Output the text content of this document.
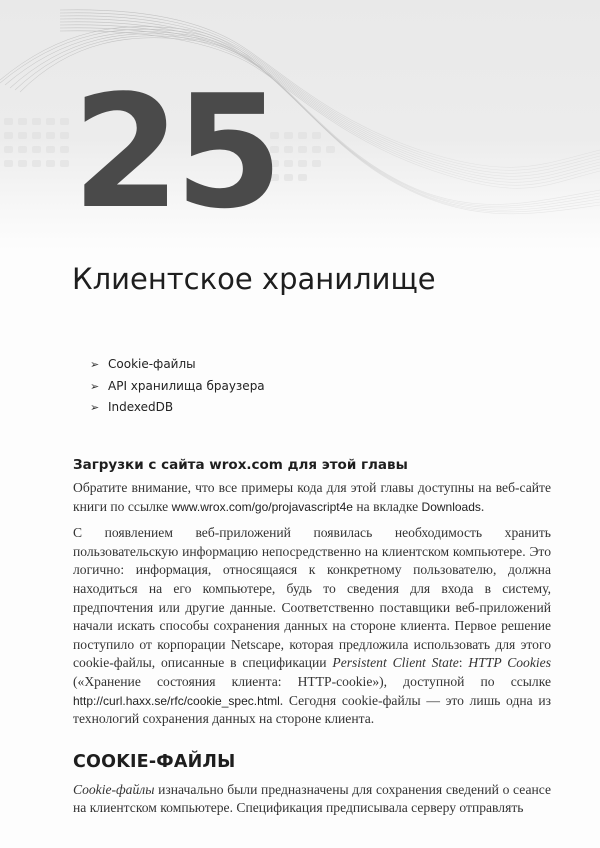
25
Клиентское хранилище
➢ Cookie-файлы
➢ API хранилища браузера
➢ IndexedDB
Загрузки с сайта wrox.com для этой главы

Обратите внимание, что все примеры кода для этой главы доступны на веб-сайте книги по ссылке www.wrox.com/go/projavascript4e на вкладке Downloads.

С появлением веб-приложений появилась необходимость хранить пользовательскую информацию непосредственно на клиентском компьютере. Это логично: информация, относящаяся к конкретному пользователю, должна находиться на его компьютере, будь то сведения для входа в систему, предпочтения или другие данные. Соответственно поставщики веб-приложений начали искать способы сохранения данных на стороне клиента. Первое решение поступило от корпорации Netscape, которая предложила использовать для этого cookie-файлы, описанные в спецификации Persistent Client State: HTTP Cookies («Хранение состояния клиента: HTTP-cookie»), доступной по ссылке http://curl.haxx.se/rfc/cookie_spec.html. Сегодня cookie-файлы — это лишь одна из технологий сохранения данных на стороне клиента.

COOKIE-ФАЙЛЫ

Cookie-файлы изначально были предназначены для сохранения сведений о сеансе на клиентском компьютере. Спецификация предписывала серверу отправлять
